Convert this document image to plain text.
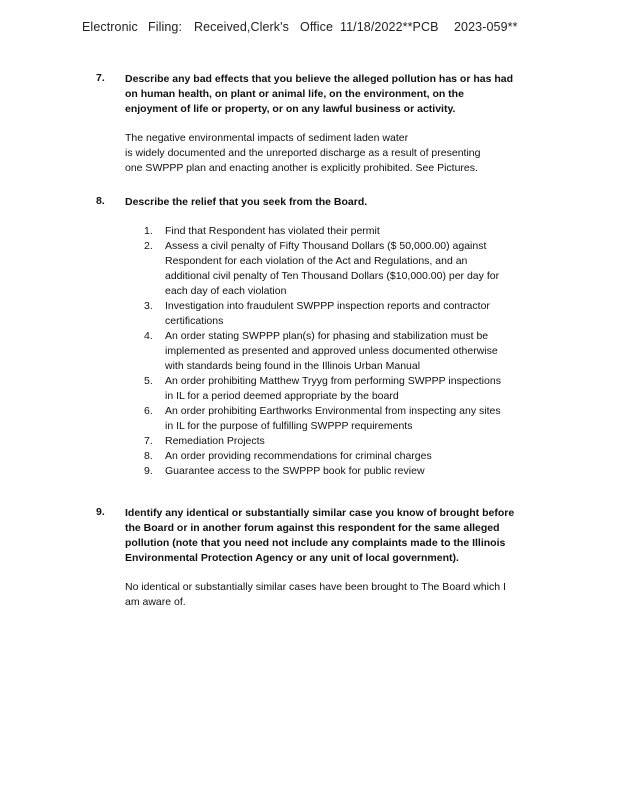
Electronic

Filing:

Received,Clerk's

Office

11/18/2022**PCB

2023-059**

7. Describe any bad effects that you believe the alleged pollution has or has had on human health, on plant or animal life, on the environment, on the enjoyment of life or property, or on any lawful business or activity.
The negative environmental impacts of sediment laden water
is widely documented and the unreported discharge as a result of presenting
one SWPPP plan and enacting another is explicitly prohibited. See Pictures.
8. Describe the relief that you seek from the Board.
1. Find that Respondent has violated their permit
2. Assess a civil penalty of Fifty Thousand Dollars ($ 50,000.00) against Respondent for each violation of the Act and Regulations, and an additional civil penalty of Ten Thousand Dollars ($10,000.00) per day for each day of each violation
3. Investigation into fraudulent SWPPP inspection reports and contractor certifications
4. An order stating SWPPP plan(s) for phasing and stabilization must be implemented as presented and approved unless documented otherwise with standards being found in the Illinois Urban Manual
5. An order prohibiting Matthew Tryyg from performing SWPPP inspections in IL for a period deemed appropriate by the board
6. An order prohibiting Earthworks Environmental from inspecting any sites in IL for the purpose of fulfilling SWPPP requirements
7. Remediation Projects
8. An order providing recommendations for criminal charges
9. Guarantee access to the SWPPP book for public review
9. Identify any identical or substantially similar case you know of brought before the Board or in another forum against this respondent for the same alleged pollution (note that you need not include any complaints made to the Illinois Environmental Protection Agency or any unit of local government).
No identical or substantially similar cases have been brought to The Board which I am aware of.
